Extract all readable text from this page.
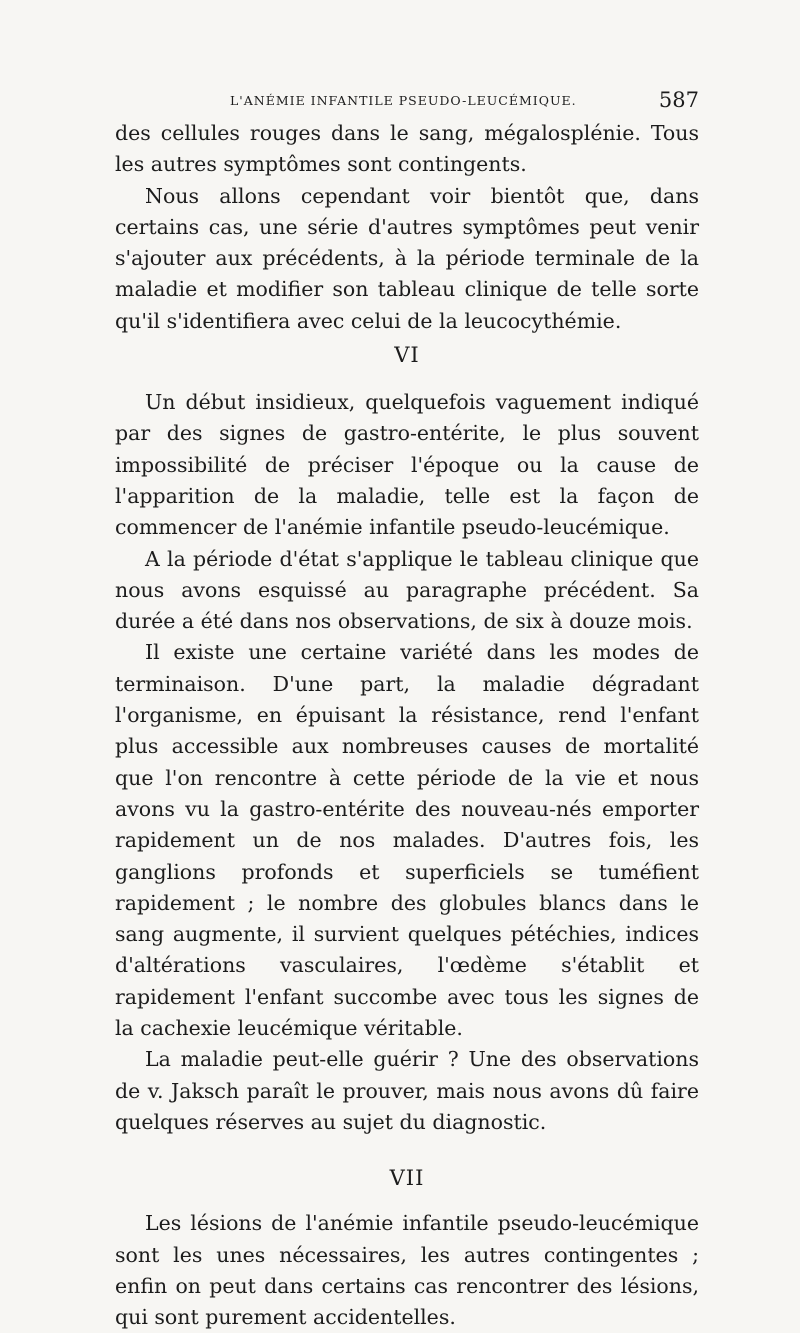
L'ANÉMIE INFANTILE PSEUDO-LEUCÉMIQUE.	587

des cellules rouges dans le sang, mégalosplénie. Tous les autres symptômes sont contingents.

Nous allons cependant voir bientôt que, dans certains cas, une série d'autres symptômes peut venir s'ajouter aux précédents, à la période terminale de la maladie et modifier son tableau clinique de telle sorte qu'il s'identifiera avec celui de la leucocythémie.

VI

Un début insidieux, quelquefois vaguement indiqué par des signes de gastro-entérite, le plus souvent impossibilité de préciser l'époque ou la cause de l'apparition de la maladie, telle est la façon de commencer de l'anémie infantile pseudo-leucémique.

A la période d'état s'applique le tableau clinique que nous avons esquissé au paragraphe précédent. Sa durée a été dans nos observations, de six à douze mois.

Il existe une certaine variété dans les modes de terminaison. D'une part, la maladie dégradant l'organisme, en épuisant la résistance, rend l'enfant plus accessible aux nombreuses causes de mortalité que l'on rencontre à cette période de la vie et nous avons vu la gastro-entérite des nouveau-nés emporter rapidement un de nos malades. D'autres fois, les ganglions profonds et superficiels se tuméfient rapidement ; le nombre des globules blancs dans le sang augmente, il survient quelques pétéchies, indices d'altérations vasculaires, l'œdème s'établit et rapidement l'enfant succombe avec tous les signes de la cachexie leucémique véritable.

La maladie peut-elle guérir ? Une des observations de v. Jaksch paraît le prouver, mais nous avons dû faire quelques réserves au sujet du diagnostic.

VII

Les lésions de l'anémie infantile pseudo-leucémique sont les unes nécessaires, les autres contingentes ; enfin on peut dans certains cas rencontrer des lésions, qui sont purement accidentelles.
